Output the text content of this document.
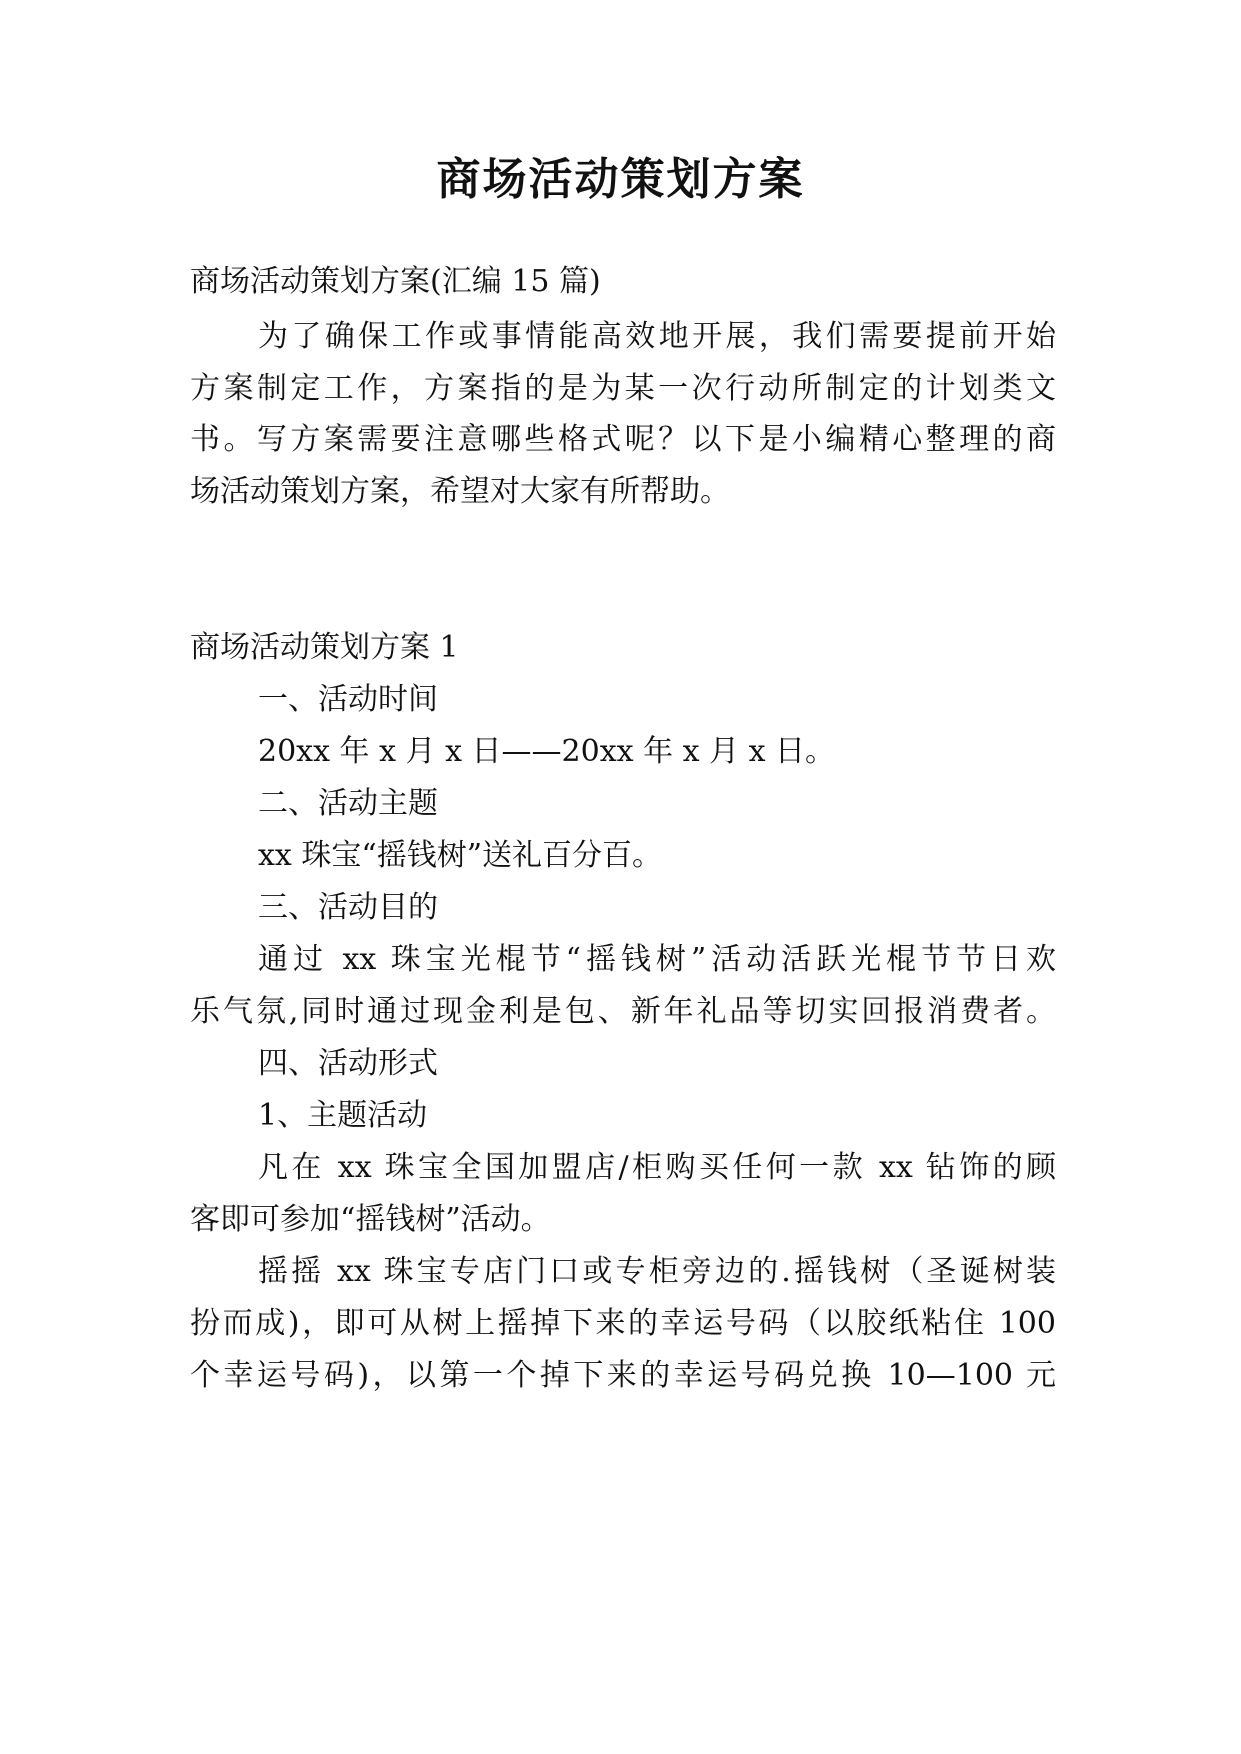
商场活动策划方案
商场活动策划方案(汇编 15 篇)
为了确保工作或事情能高效地开展，我们需要提前开始
方案制定工作，方案指的是为某一次行动所制定的计划类文
书。写方案需要注意哪些格式呢？以下是小编精心整理的商
场活动策划方案，希望对大家有所帮助。
商场活动策划方案 1
一、活动时间
20xx 年 x 月 x 日——20xx 年 x 月 x 日。
二、活动主题
xx 珠宝“摇钱树”送礼百分百。
三、活动目的
通过 xx 珠宝光棍节“摇钱树”活动活跃光棍节节日欢
乐气氛,同时通过现金利是包、新年礼品等切实回报消费者。
四、活动形式
1、主题活动
凡在 xx 珠宝全国加盟店/柜购买任何一款 xx 钻饰的顾
客即可参加“摇钱树”活动。
摇摇 xx 珠宝专店门口或专柜旁边的.摇钱树（圣诞树装
扮而成)，即可从树上摇掉下来的幸运号码（以胶纸粘住 100
个幸运号码)，以第一个掉下来的幸运号码兑换 10—100 元
